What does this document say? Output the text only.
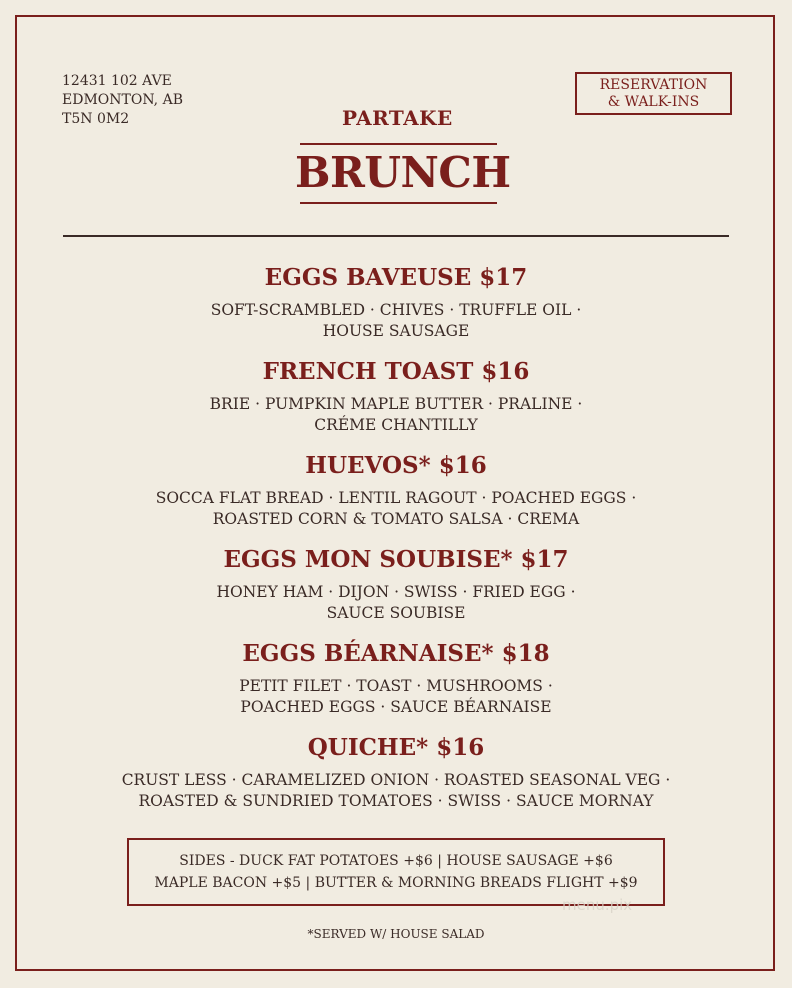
12431 102 AVE
EDMONTON, AB
T5N 0M2
RESERVATION
& WALK-INS
PARTAKE
BRUNCH
EGGS BAVEUSE $17
SOFT-SCRAMBLED · CHIVES · TRUFFLE OIL ·
HOUSE SAUSAGE
FRENCH TOAST $16
BRIE · PUMPKIN MAPLE BUTTER · PRALINE ·
CRÉME CHANTILLY
HUEVOS* $16
SOCCA FLAT BREAD · LENTIL RAGOUT · POACHED EGGS ·
ROASTED CORN & TOMATO SALSA · CREMA
EGGS MON SOUBISE* $17
HONEY HAM · DIJON · SWISS · FRIED EGG ·
SAUCE SOUBISE
EGGS BÉARNAISE* $18
PETIT FILET · TOAST · MUSHROOMS ·
POACHED EGGS · SAUCE BÉARNAISE
QUICHE* $16
CRUST LESS · CARAMELIZED ONION · ROASTED SEASONAL VEG ·
ROASTED & SUNDRIED TOMATOES · SWISS · SAUCE MORNAY
SIDES - DUCK FAT POTATOES +$6 | HOUSE SAUSAGE +$6
MAPLE BACON +$5 | BUTTER & MORNING BREADS FLIGHT +$9
menu.pix
*SERVED W/ HOUSE SALAD
